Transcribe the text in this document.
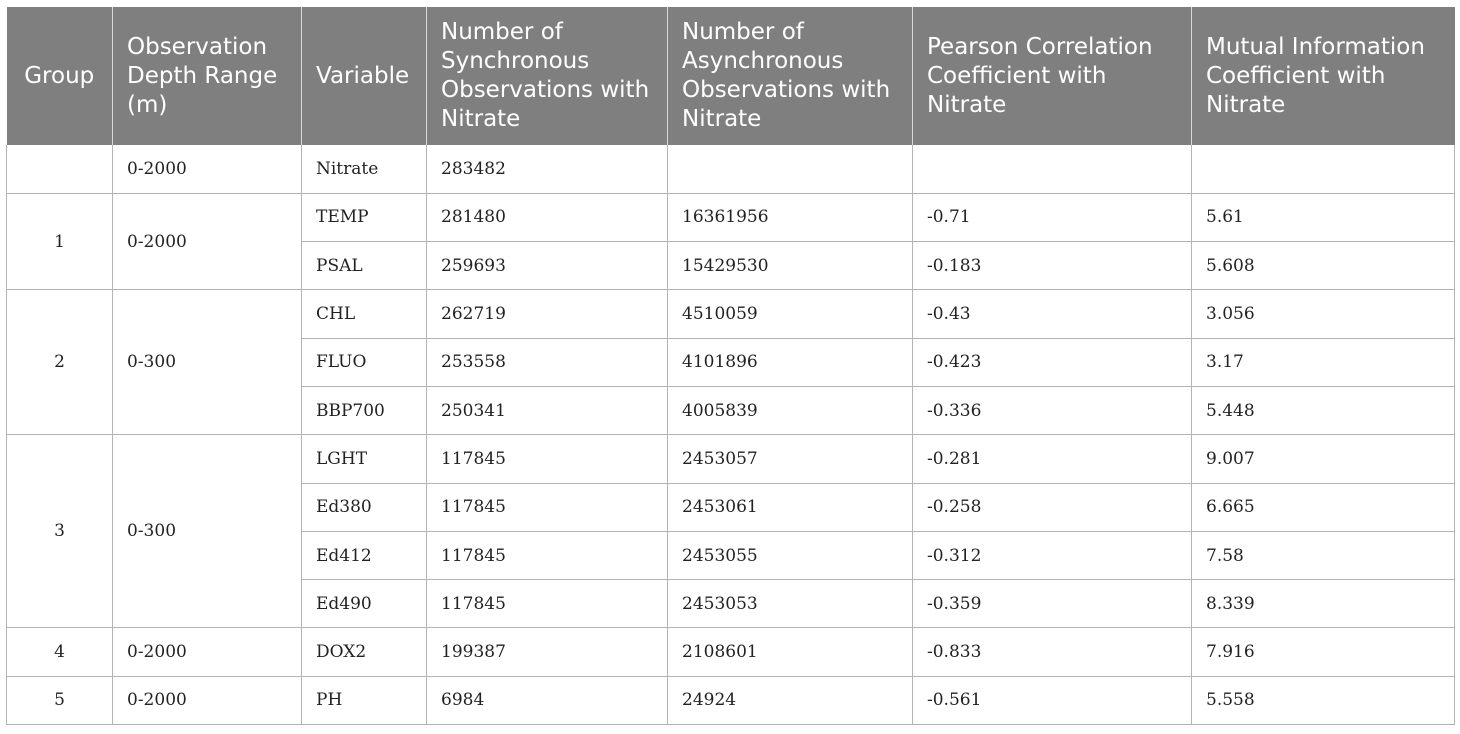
Group	Observation Depth Range (m)	Variable	Number of Synchronous Observations with Nitrate	Number of Asynchronous Observations with Nitrate	Pearson Correlation Coefficient with Nitrate	Mutual Information Coefficient with Nitrate
	0-2000	Nitrate	283482			
1	0-2000	TEMP	281480	16361956	-0.71	5.61
		PSAL	259693	15429530	-0.183	5.608
2	0-300	CHL	262719	4510059	-0.43	3.056
		FLUO	253558	4101896	-0.423	3.17
		BBP700	250341	4005839	-0.336	5.448
3	0-300	LGHT	117845	2453057	-0.281	9.007
		Ed380	117845	2453061	-0.258	6.665
		Ed412	117845	2453055	-0.312	7.58
		Ed490	117845	2453053	-0.359	8.339
4	0-2000	DOX2	199387	2108601	-0.833	7.916
5	0-2000	PH	6984	24924	-0.561	5.558
